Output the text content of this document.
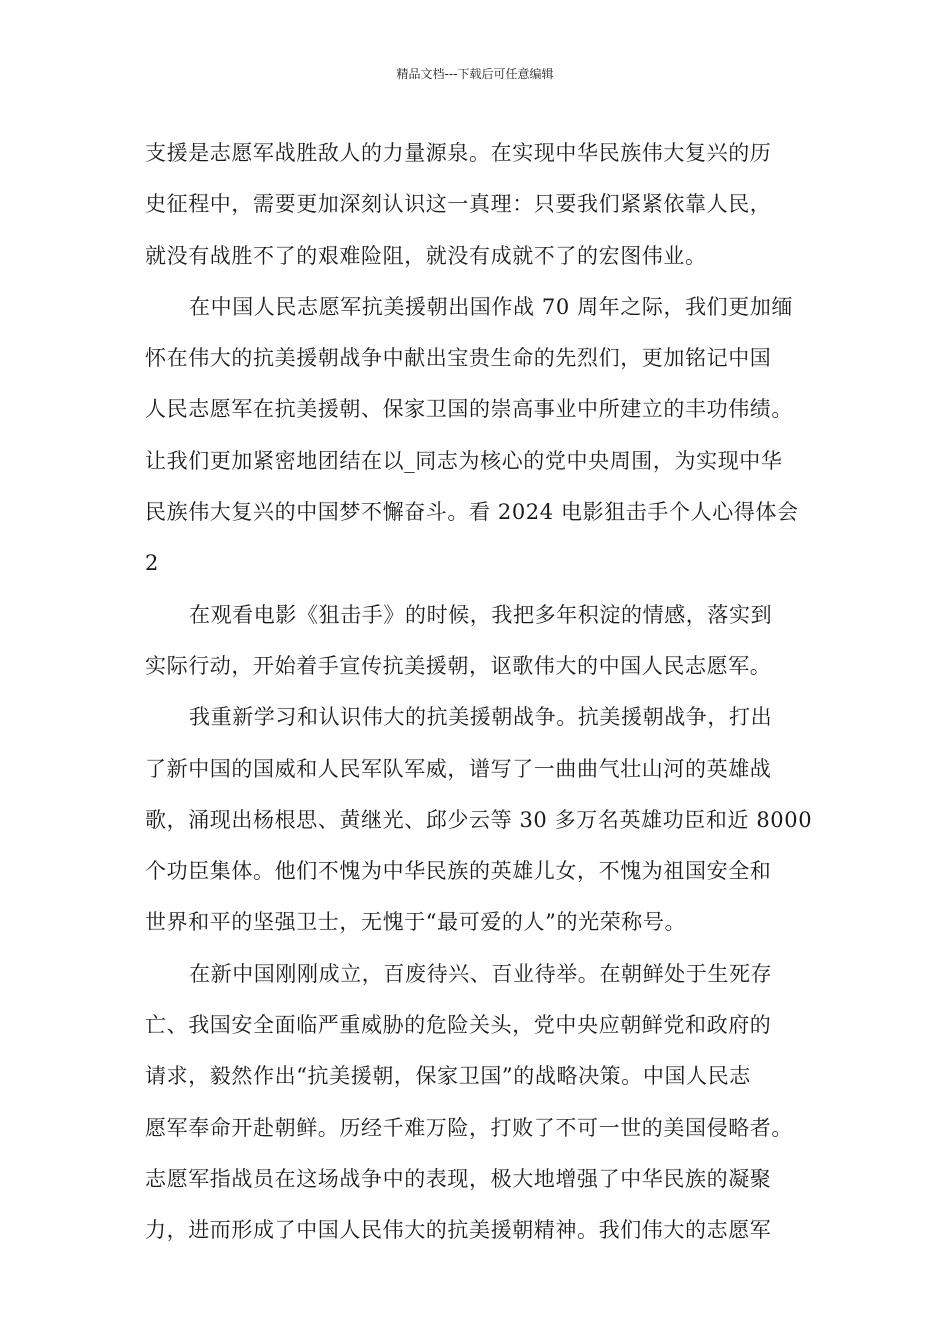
精品文档---下载后可任意编辑
支援是志愿军战胜敌人的力量源泉。在实现中华民族伟大复兴的历
史征程中，需要更加深刻认识这一真理：只要我们紧紧依靠人民，
就没有战胜不了的艰难险阻，就没有成就不了的宏图伟业。
在中国人民志愿军抗美援朝出国作战 70 周年之际，我们更加缅
怀在伟大的抗美援朝战争中献出宝贵生命的先烈们，更加铭记中国
人民志愿军在抗美援朝、保家卫国的崇高事业中所建立的丰功伟绩。
让我们更加紧密地团结在以_同志为核心的党中央周围，为实现中华
民族伟大复兴的中国梦不懈奋斗。看 2024 电影狙击手个人心得体会
2
在观看电影《狙击手》的时候，我把多年积淀的情感，落实到
实际行动，开始着手宣传抗美援朝，讴歌伟大的中国人民志愿军。
我重新学习和认识伟大的抗美援朝战争。抗美援朝战争，打出
了新中国的国威和人民军队军威，谱写了一曲曲气壮山河的英雄战
歌，涌现出杨根思、黄继光、邱少云等 30 多万名英雄功臣和近 8000
个功臣集体。他们不愧为中华民族的英雄儿女，不愧为祖国安全和
世界和平的坚强卫士，无愧于“最可爱的人”的光荣称号。
在新中国刚刚成立，百废待兴、百业待举。在朝鲜处于生死存
亡、我国安全面临严重威胁的危险关头，党中央应朝鲜党和政府的
请求，毅然作出“抗美援朝，保家卫国”的战略决策。中国人民志
愿军奉命开赴朝鲜。历经千难万险，打败了不可一世的美国侵略者。
志愿军指战员在这场战争中的表现，极大地增强了中华民族的凝聚
力，进而形成了中国人民伟大的抗美援朝精神。我们伟大的志愿军
